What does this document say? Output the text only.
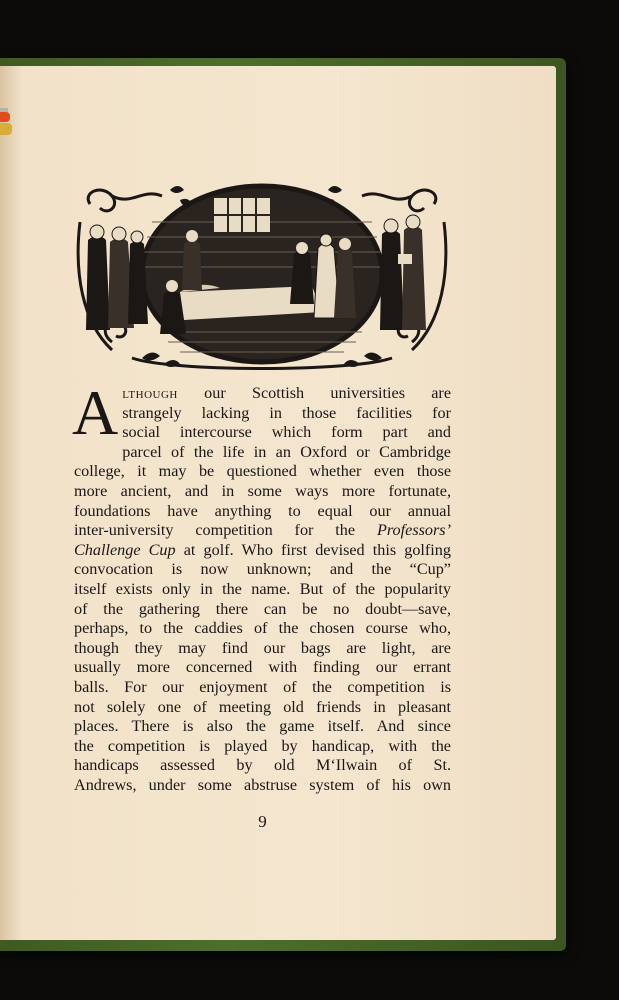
A lthough our Scottish universities are
strangely lacking in those facilities for
social intercourse which form part and
parcel of the life in an Oxford or Cambridge
college, it may be questioned whether even those
more ancient, and in some ways more fortunate,
foundations have anything to equal our annual
inter-university competition for the Professors’
Challenge Cup at golf. Who first devised this golfing
convocation is now unknown; and the “Cup”
itself exists only in the name. But of the popularity
of the gathering there can be no doubt—save,
perhaps, to the caddies of the chosen course who,
though they may find our bags are light, are
usually more concerned with finding our errant
balls. For our enjoyment of the competition is
not solely one of meeting old friends in pleasant
places. There is also the game itself. And since
the competition is played by handicap, with the
handicaps assessed by old M‘Ilwain of St.
Andrews, under some abstruse system of his own

9
